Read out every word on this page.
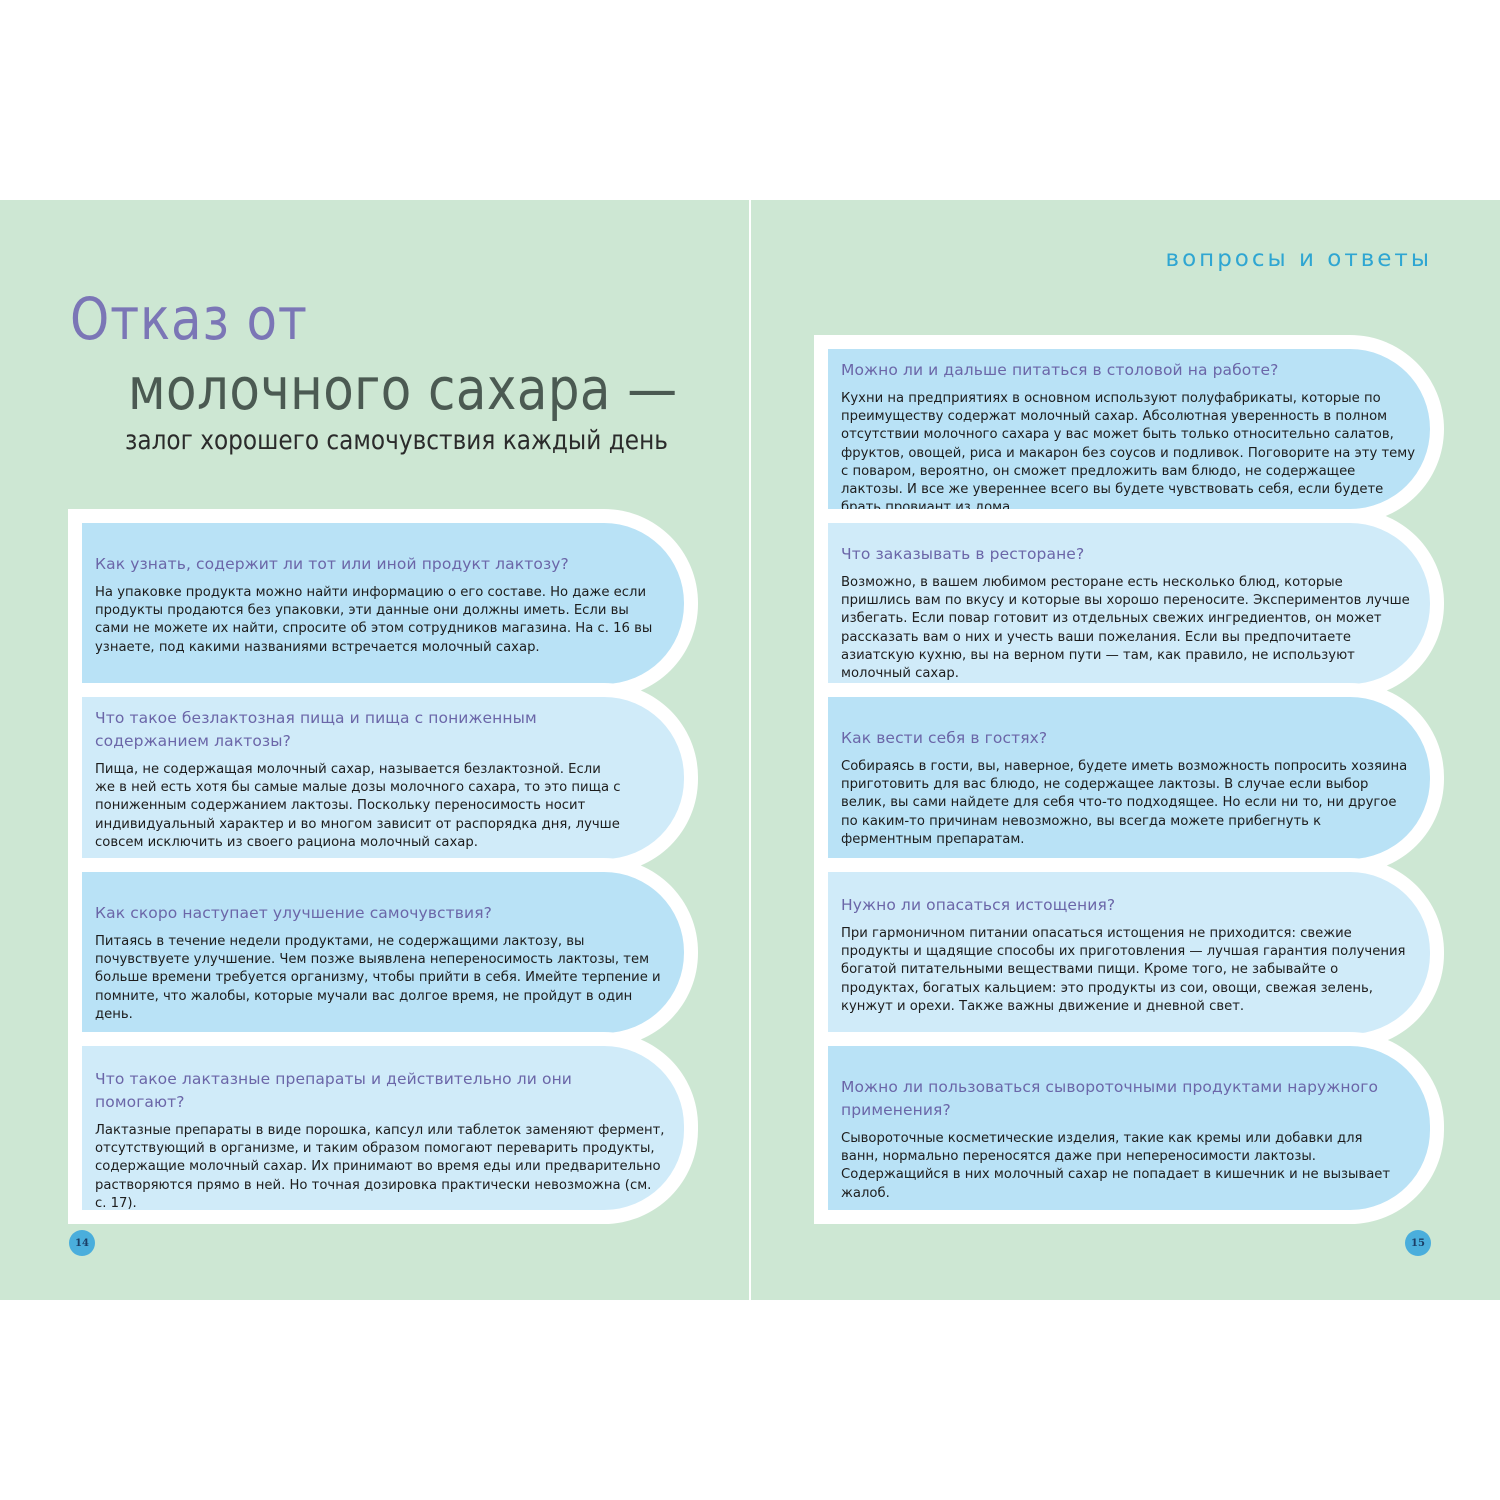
Отказ от
молочного сахара —
залог хорошего самочувствия каждый день
вопросы и ответы
Как узнать, содержит ли тот или иной продукт лактозу?

На упаковке продукта можно найти информацию о его составе. Но даже если продукты продаются без упаковки, эти данные они должны иметь. Если вы сами не можете их найти, спросите об этом сотрудников магазина. На с. 16 вы узнаете, под какими названиями встречается молочный сахар.

Что такое безлактозная пища и пища с пониженным содержанием лактозы?

Пища, не содержащая молочный сахар, называется безлактозной. Если же в ней есть хотя бы самые малые дозы молочного сахара, то это пища с пониженным содержанием лактозы. Поскольку переносимость носит индивидуальный характер и во многом зависит от распорядка дня, лучше совсем исключить из своего рациона молочный сахар.

Как скоро наступает улучшение самочувствия?

Питаясь в течение недели продуктами, не содержащими лактозу, вы почувствуете улучшение. Чем позже выявлена непереносимость лактозы, тем больше времени требуется организму, чтобы прийти в себя. Имейте терпение и помните, что жалобы, которые мучали вас долгое время, не пройдут в один день.

Что такое лактазные препараты и действительно ли они помогают?

Лактазные препараты в виде порошка, капсул или таблеток заменяют фермент, отсутствующий в организме, и таким образом помогают переварить продукты, содержащие молочный сахар. Их принимают во время еды или предварительно растворяются прямо в ней. Но точная дозировка практически невозможна (см. с. 17).

Можно ли и дальше питаться в столовой на работе?

Кухни на предприятиях в основном используют полуфабрикаты, которые по преимуществу содержат молочный сахар. Абсолютная уверенность в полном отсутствии молочного сахара у вас может быть только относительно салатов, фруктов, овощей, риса и макарон без соусов и подливок. Поговорите на эту тему с поваром, вероятно, он сможет предложить вам блюдо, не содержащее лактозы. И все же увереннее всего вы будете чувствовать себя, если будете брать провиант из дома.

Что заказывать в ресторане?

Возможно, в вашем любимом ресторане есть несколько блюд, которые пришлись вам по вкусу и которые вы хорошо переносите. Экспериментов лучше избегать. Если повар готовит из отдельных свежих ингредиентов, он может рассказать вам о них и учесть ваши пожелания. Если вы предпочитаете азиатскую кухню, вы на верном пути — там, как правило, не используют молочный сахар.

Как вести себя в гостях?

Собираясь в гости, вы, наверное, будете иметь возможность попросить хозяина приготовить для вас блюдо, не содержащее лактозы. В случае если выбор велик, вы сами найдете для себя что-то подходящее. Но если ни то, ни другое по каким-то причинам невозможно, вы всегда можете прибегнуть к ферментным препаратам.

Нужно ли опасаться истощения?

При гармоничном питании опасаться истощения не приходится: свежие продукты и щадящие способы их приготовления — лучшая гарантия получения богатой питательными веществами пищи. Кроме того, не забывайте о продуктах, богатых кальцием: это продукты из сои, овощи, свежая зелень, кунжут и орехи. Также важны движение и дневной свет.

Можно ли пользоваться сывороточными продуктами наружного применения?

Сывороточные косметические изделия, такие как кремы или добавки для ванн, нормально переносятся даже при непереносимости лактозы. Содержащийся в них молочный сахар не попадает в кишечник и не вызывает жалоб.

14	15
